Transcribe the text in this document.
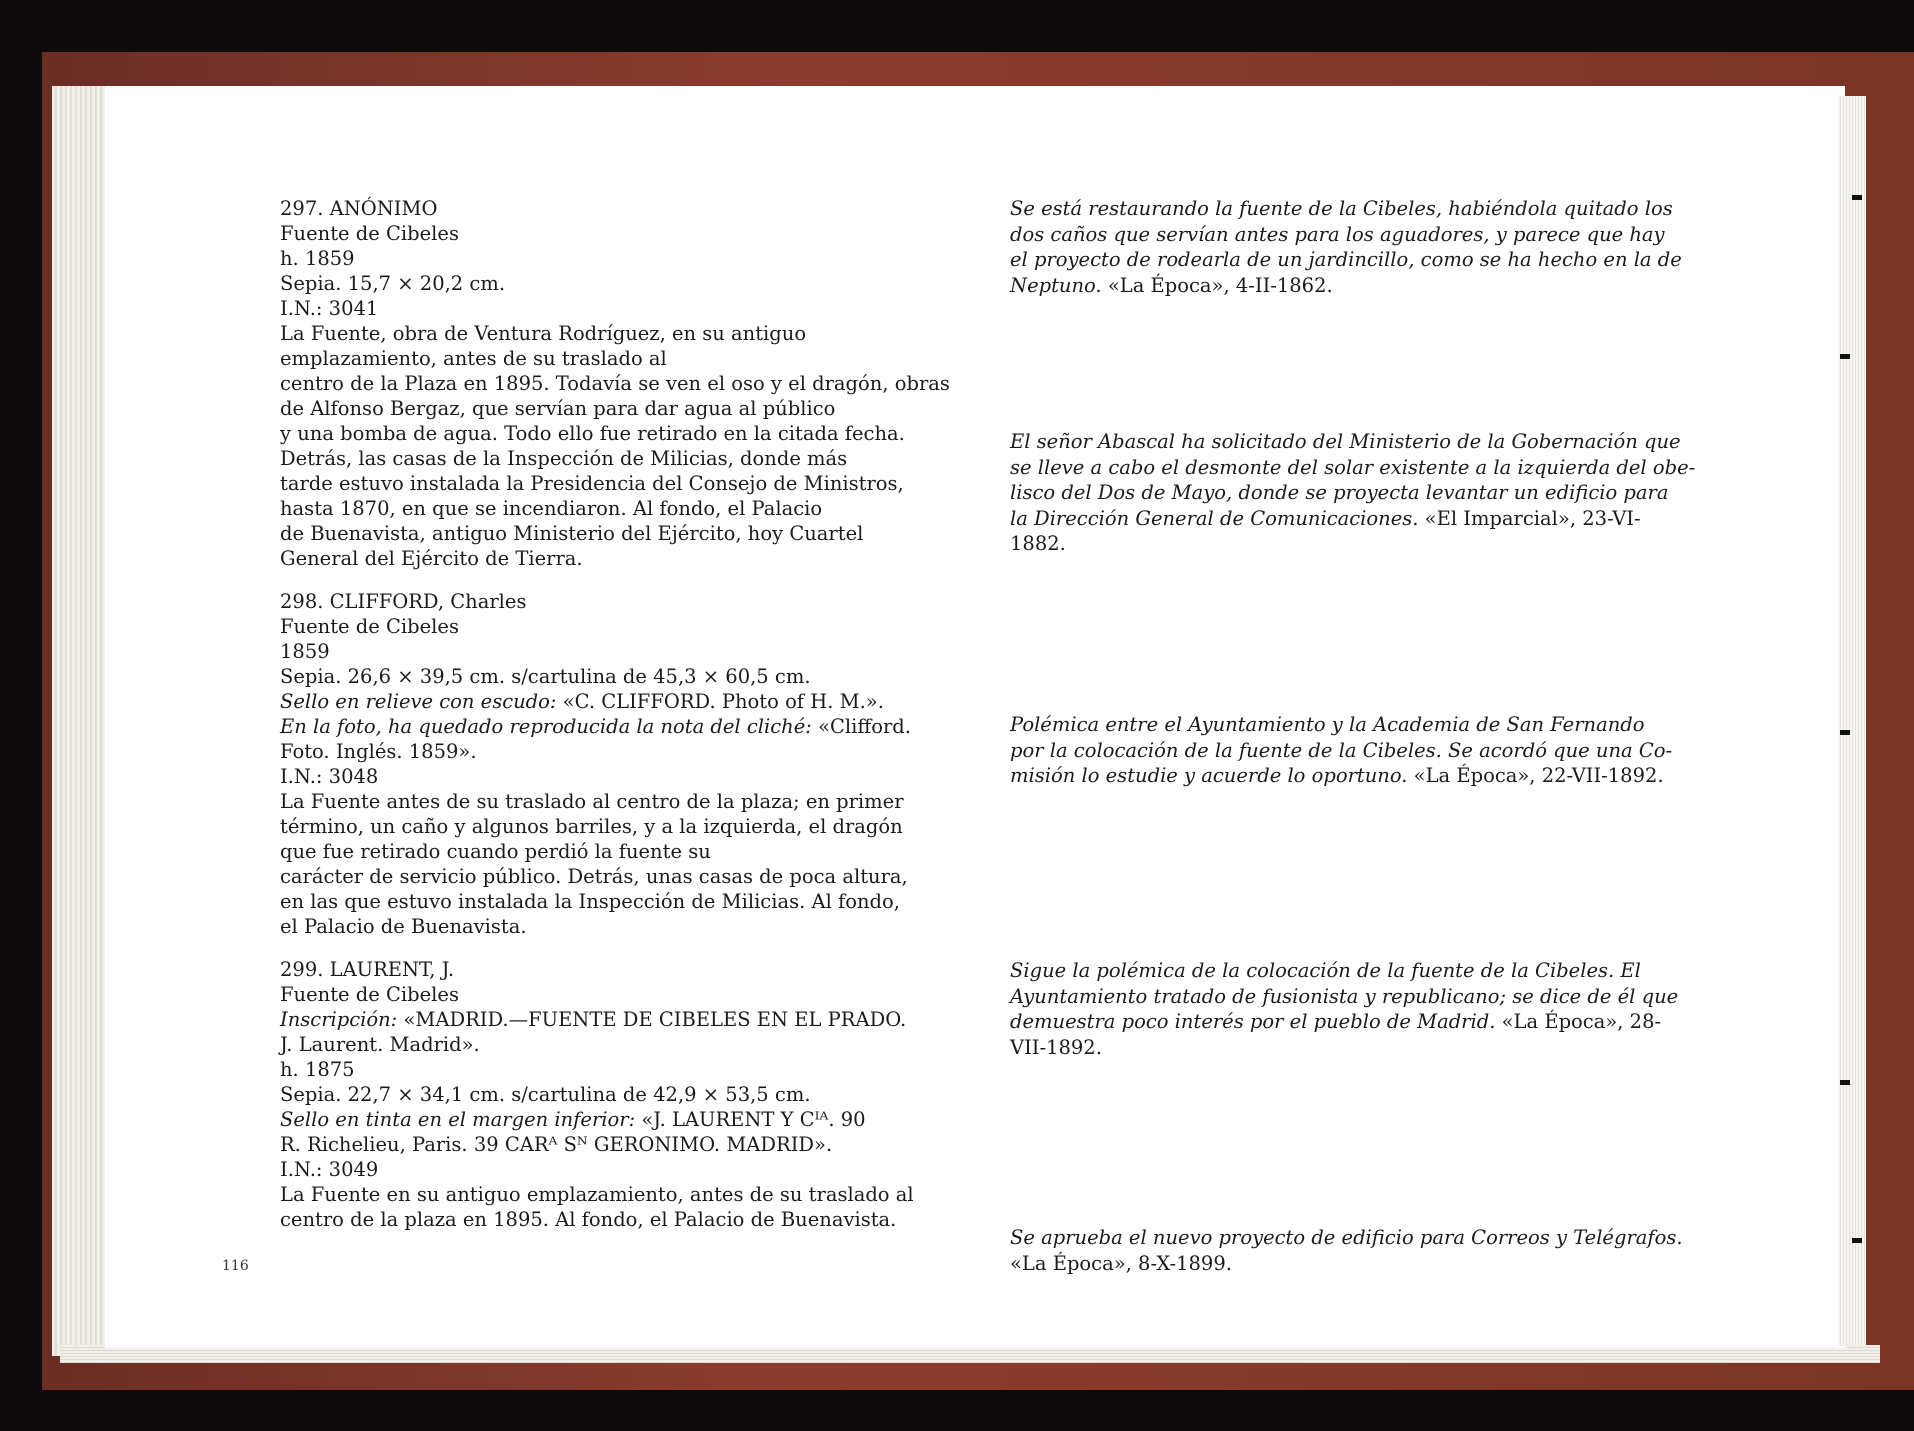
297. ANÓNIMO
Fuente de Cibeles
h. 1859
Sepia. 15,7 × 20,2 cm.
I.N.: 3041
La Fuente, obra de Ventura Rodríguez, en su antiguo
emplazamiento, antes de su traslado al
centro de la Plaza en 1895. Todavía se ven el oso y el dragón, obras
de Alfonso Bergaz, que servían para dar agua al público
y una bomba de agua. Todo ello fue retirado en la citada fecha.
Detrás, las casas de la Inspección de Milicias, donde más
tarde estuvo instalada la Presidencia del Consejo de Ministros,
hasta 1870, en que se incendiaron. Al fondo, el Palacio
de Buenavista, antiguo Ministerio del Ejército, hoy Cuartel
General del Ejército de Tierra.
298. CLIFFORD, Charles
Fuente de Cibeles
1859
Sepia. 26,6 × 39,5 cm. s/cartulina de 45,3 × 60,5 cm.
Sello en relieve con escudo: «C. CLIFFORD. Photo of H. M.».
En la foto, ha quedado reproducida la nota del cliché: «Clifford.
Foto. Inglés. 1859».
I.N.: 3048
La Fuente antes de su traslado al centro de la plaza; en primer
término, un caño y algunos barriles, y a la izquierda, el dragón
que fue retirado cuando perdió la fuente su
carácter de servicio público. Detrás, unas casas de poca altura,
en las que estuvo instalada la Inspección de Milicias. Al fondo,
el Palacio de Buenavista.
299. LAURENT, J.
Fuente de Cibeles
Inscripción: «MADRID.—FUENTE DE CIBELES EN EL PRADO.
J. Laurent. Madrid».
h. 1875
Sepia. 22,7 × 34,1 cm. s/cartulina de 42,9 × 53,5 cm.
Sello en tinta en el margen inferior: «J. LAURENT Y Cᴵᴬ. 90
R. Richelieu, Paris. 39 CARᴬ Sᴺ GERONIMO. MADRID».
I.N.: 3049
La Fuente en su antiguo emplazamiento, antes de su traslado al
centro de la plaza en 1895. Al fondo, el Palacio de Buenavista.
116
Se está restaurando la fuente de la Cibeles, habiéndola quitado los
dos caños que servían antes para los aguadores, y parece que hay
el proyecto de rodearla de un jardincillo, como se ha hecho en la de
Neptuno. «La Época», 4-II-1862.
El señor Abascal ha solicitado del Ministerio de la Gobernación que
se lleve a cabo el desmonte del solar existente a la izquierda del obe-
lisco del Dos de Mayo, donde se proyecta levantar un edificio para
la Dirección General de Comunicaciones. «El Imparcial», 23-VI-1882.
Polémica entre el Ayuntamiento y la Academia de San Fernando
por la colocación de la fuente de la Cibeles. Se acordó que una Co-
misión lo estudie y acuerde lo oportuno. «La Época», 22-VII-1892.
Sigue la polémica de la colocación de la fuente de la Cibeles. El
Ayuntamiento tratado de fusionista y republicano; se dice de él que
demuestra poco interés por el pueblo de Madrid. «La Época», 28-
VII-1892.
Se aprueba el nuevo proyecto de edificio para Correos y Telégrafos.
«La Época», 8-X-1899.
